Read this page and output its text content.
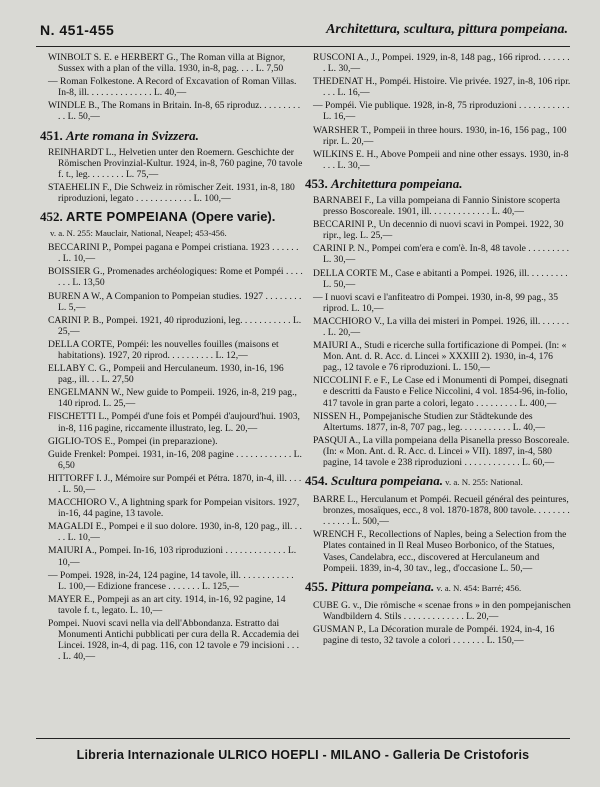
N. 451-455	Architettura, scultura, pittura pompeiana.
WINBOLT S. E. e HERBERT G., The Roman villa at Bignor, Sussex with a plan of the villa. 1930, in-8, pag. . . . L. 7,50
— Roman Folkestone. A Record of Excavation of Roman Villas. In-8, ill. . . . . . . . . . . . . . L. 40,—
WINDLE B., The Romans in Britain. In-8, 65 riproduz. . . . . . . . . . . L. 50,—
451. Arte romana in Svizzera.
REINHARDT L., Helvetien unter den Roemern. Geschichte der Römischen Provinzial-Kultur. 1924, in-8, 760 pagine, 70 tavole f. t., leg. . . . . . . . L. 75,—
STAEHELIN F., Die Schweiz in römischer Zeit. 1931, in-8, 180 riproduzioni, legato . . . . . . . . . . . . L. 100,—
452. ARTE POMPEIANA (Opere varie).
v. a. N. 255: Mauclair, National, Neapel; 453-456.
BECCARINI P., Pompei pagana e Pompei cristiana. 1923 . . . . . . . L. 10,—
BOISSIER G., Promenades archéologiques: Rome et Pompéi . . . . . . . L. 13,50
BUREN A W., A Companion to Pompeian studies. 1927 . . . . . . . . L. 5,—
CARINI P. B., Pompei. 1921, 40 riproduzioni, leg. . . . . . . . . . . L. 25,—
DELLA CORTE, Pompéi: les nouvelles fouilles (maisons et habitations). 1927, 20 riprod. . . . . . . . . . L. 12,—
ELLABY C. G., Pompeii and Herculaneum. 1930, in-16, 196 pag., ill. . . L. 27,50
ENGELMANN W., New guide to Pompeii. 1926, in-8, 219 pag., 140 riprod. L. 25,—
FISCHETTI L., Pompéi d'une fois et Pompéi d'aujourd'hui. 1903, in-8, 116 pagine, riccamente illustrato, leg. L. 20,—
GIGLIO-TOS E., Pompei (in preparazione).
Guide Frenkel: Pompei. 1931, in-16, 208 pagine . . . . . . . . . . . . L. 6,50
HITTORFF I. J., Mémoire sur Pompéi et Pétra. 1870, in-4, ill. . . . . L. 50,—
MACCHIORO V., A lightning spark for Pompeian visitors. 1927, in-16, 44 pagine, 13 tavole.
MAGALDI E., Pompei e il suo dolore. 1930, in-8, 120 pag., ill. . . . . L. 10,—
MAIURI A., Pompei. In-16, 103 riproduzioni . . . . . . . . . . . . . L. 10,—
— Pompei. 1928, in-24, 124 pagine, 14 tavole, ill. . . . . . . . . . . . L. 100,— Edizione francese . . . . . . . L. 125,—
MAYER E., Pompeji as an art city. 1914, in-16, 92 pagine, 14 tavole f. t., legato. L. 10,—
Pompei. Nuovi scavi nella via dell'Abbondanza. Estratto dai Monumenti Antichi pubblicati per cura della R. Accademia dei Lincei. 1928, in-4, di pag. 116, con 12 tavole e 79 incisioni . . . . L. 40,—
RUSCONI A., J., Pompei. 1929, in-8, 148 pag., 166 riprod. . . . . . . . L. 30,—
THEDENAT H., Pompéi. Histoire. Vie privée. 1927, in-8, 106 ripr. . . . L. 16,—
— Pompéi. Vie publique. 1928, in-8, 75 riproduzioni . . . . . . . . . . . L. 16,—
WARSHER T., Pompeii in three hours. 1930, in-16, 156 pag., 100 ripr. L. 20,—
WILKINS E. H., Above Pompeii and nine other essays. 1930, in-8 . . . L. 30,—
453. Architettura pompeiana.
BARNABEI F., La villa pompeiana di Fannio Sinistore scoperta presso Boscoreale. 1901, ill. . . . . . . . . . . . . L. 40,—
BECCARINI P., Un decennio di nuovi scavi in Pompei. 1922, 30 ripr., leg. L. 25,—
CARINI P. N., Pompei com'era e com'è. In-8, 48 tavole . . . . . . . . . L. 30,—
DELLA CORTE M., Case e abitanti a Pompei. 1926, ill. . . . . . . . . L. 50,—
— I nuovi scavi e l'anfiteatro di Pompei. 1930, in-8, 99 pag., 35 riprod. L. 10,—
MACCHIORO V., La villa dei misteri in Pompei. 1926, ill. . . . . . . . L. 20,—
MAIURI A., Studi e ricerche sulla fortificazione di Pompei. (In: « Mon. Ant. d. R. Acc. d. Lincei » XXXIII 2). 1930, in-4, 176 pag., 12 tavole e 76 riproduzioni. L. 150,—
NICCOLINI F. e F., Le Case ed i Monumenti di Pompei, disegnati e descritti da Fausto e Felice Niccolini, 4 vol. 1854-96, in-folio, 417 tavole in gran parte a colori, legato . . . . . . . . . L. 400,—
NISSEN H., Pompejanische Studien zur Städtekunde des Altertums. 1877, in-8, 707 pag., leg. . . . . . . . . . . L. 40,—
PASQUI A., La villa pompeiana della Pisanella presso Boscoreale. (In: « Mon. Ant. d. R. Acc. d. Lincei » VII). 1897, in-4, 580 pagine, 14 tavole e 238 riproduzioni . . . . . . . . . . . . L. 60,—
454. Scultura pompeiana. v. a. N. 255: National.
BARRE L., Herculanum et Pompéi. Recueil général des peintures, bronzes, mosaïques, ecc., 8 vol. 1870-1878, 800 tavole. . . . . . . . . . . . . . L. 500,—
WRENCH F., Recollections of Naples, being a Selection from the Plates contained in Il Real Museo Borbonico, of the Statues, Vases, Candelabra, ecc., discovered at Herculaneum and Pompeii. 1839, in-4, 30 tav., leg., d'occasione L. 50,—
455. Pittura pompeiana. v. a. N. 454: Barré; 456.
CUBE G. v., Die römische « scenae frons » in den pompejanischen Wandbildern 4. Stils . . . . . . . . . . . . . L. 20,—
GUSMAN P., La Décoration murale de Pompéi. 1924, in-4, 16 pagine di testo, 32 tavole a colori . . . . . . . L. 150,—
Libreria Internazionale ULRICO HOEPLI - MILANO - Galleria De Cristoforis
